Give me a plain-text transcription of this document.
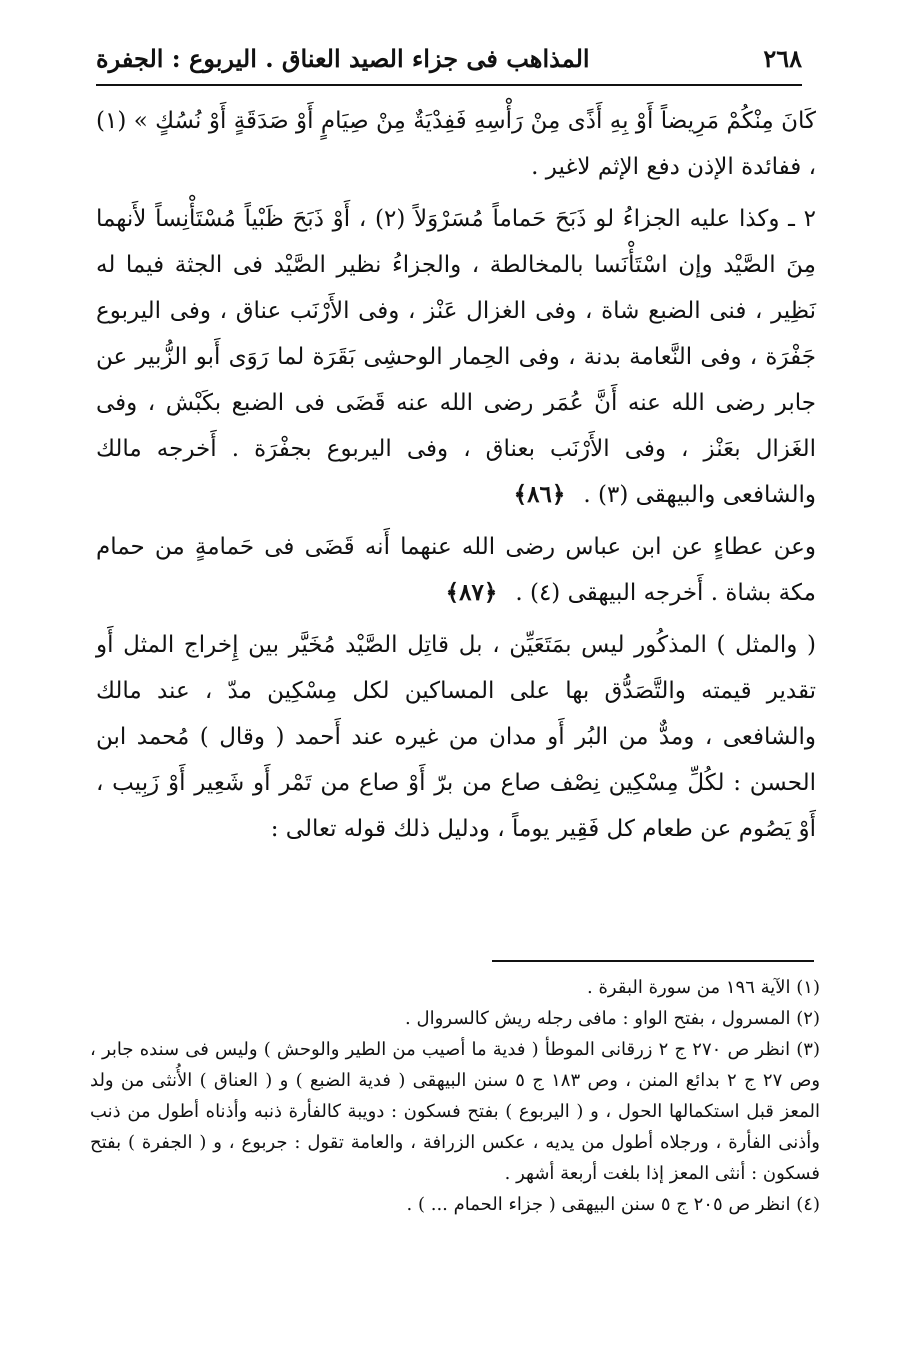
٢٦٨
المذاهب فى جزاء الصيد العناق . اليربوع : الجفرة

كَانَ مِنْكُمْ مَرِيضاً أَوْ بِهِ أَذًى مِنْ رَأْسِهِ فَفِدْيَةٌ مِنْ صِيَامٍ أَوْ صَدَقَةٍ أَوْ نُسُكٍ » (١) ، ففائدة الإذن دفع الإثم لاغير .

٢ ـ وكذا عليه الجزاءُ لو ذَبَحَ حَماماً مُسَرْوَلاً (٢) ، أَوْ ذَبَحَ ظَبْياً مُسْتَأْنِساً لأَنهما مِنَ الصَّيْد وإن اسْتَأْنَسا بالمخالطة ، والجزاءُ نظير الصَّيْد فى الجثة فيما له نَظِير ، فنى الضبع شاة ، وفى الغزال عَنْز ، وفى الأَرْنَب عناق ، وفى اليربوع جَفْرَة ، وفى النَّعامة بدنة ، وفى الحِمار الوحشِى بَقَرَة لما رَوَى أَبو الزُّبير عن جابر رضى الله عنه أَنَّ عُمَر رضى الله عنه قَضَى فى الضبع بكَبْش ، وفى الغَزال بعَنْز ، وفى الأَرْنَب بعناق ، وفى اليربوع بجفْرَة . أَخرجه مالك والشافعى والبيهقى (٣) .﴿٨٦﴾

وعن عطاءٍ عن ابن عباس رضى الله عنهما أَنه قَضَى فى حَمامةٍ من حمام مكة بشاة . أَخرجه البيهقى (٤) .﴿٨٧﴾

( والمثل ) المذكُور ليس بمَتَعَيِّن ، بل قاتِل الصَّيْد مُخَيَّر بين إِخراج المثل أَو تقدير قيمته والتَّصَدُّق بها على المساكين لكل مِسْكِين مدّ ، عند مالك والشافعى ، ومدٌّ من البُر أَو مدان من غيره عند أَحمد ( وقال ) مُحمد ابن الحسن : لكُلِّ مِسْكِين نِصْف صاع من برّ أَوْ صاع من تَمْر أَو شَعِير أَوْ زَبِيب ، أَوْ يَصُوم عن طعام كل فَقِير يوماً ، ودليل ذلك قوله تعالى :

(١) الآية ١٩٦ من سورة البقرة .

(٢) المسرول ، بفتح الواو : مافى رجله ريش كالسروال .

(٣) انظر ص ٢٧٠ ج ٢ زرقانى الموطأ ( فدية ما أصيب من الطير والوحش ) وليس فى سنده جابر ، وص ٢٧ ج ٢ بدائع المنن ، وص ١٨٣ ج ٥ سنن البيهقى ( فدية الضبع ) و ( العناق ) الأُنثى من ولد المعز قبل استكمالها الحول ، و ( اليربوع ) بفتح فسكون : دويبة كالفأرة ذنبه وأذناه أطول من ذنب وأذنى الفأرة ، ورجلاه أطول من يديه ، عكس الزرافة ، والعامة تقول : جربوع ، و ( الجفرة ) بفتح فسكون : أنثى المعز إذا بلغت أربعة أشهر .

(٤) انظر ص ٢٠٥ ج ٥ سنن البيهقى ( جزاء الحمام ... ) .
